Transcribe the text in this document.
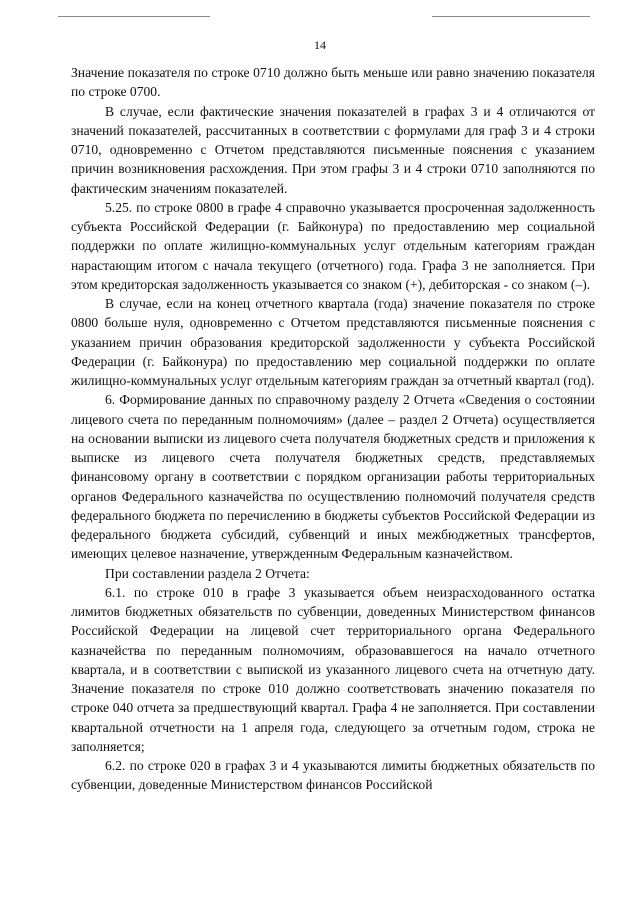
14

Значение показателя по строке 0710 должно быть меньше или равно значению показателя по строке 0700.

В случае, если фактические значения показателей в графах 3 и 4 отличаются от значений показателей, рассчитанных в соответствии с формулами для граф 3 и 4 строки 0710, одновременно с Отчетом представляются письменные пояснения с указанием причин возникновения расхождения. При этом графы 3 и 4 строки 0710 заполняются по фактическим значениям показателей.

5.25. по строке 0800 в графе 4 справочно указывается просроченная задолженность субъекта Российской Федерации (г. Байконура) по предоставлению мер социальной поддержки по оплате жилищно-коммунальных услуг отдельным категориям граждан нарастающим итогом с начала текущего (отчетного) года. Графа 3 не заполняется. При этом кредиторская задолженность указывается со знаком (+), дебиторская - со знаком (–).

В случае, если на конец отчетного квартала (года) значение показателя по строке 0800 больше нуля, одновременно с Отчетом представляются письменные пояснения с указанием причин образования кредиторской задолженности у субъекта Российской Федерации (г. Байконура) по предоставлению мер социальной поддержки по оплате жилищно-коммунальных услуг отдельным категориям граждан за отчетный квартал (год).

6. Формирование данных по справочному разделу 2 Отчета «Сведения о состоянии лицевого счета по переданным полномочиям» (далее – раздел 2 Отчета) осуществляется на основании выписки из лицевого счета получателя бюджетных средств и приложения к выписке из лицевого счета получателя бюджетных средств, представляемых финансовому органу в соответствии с порядком организации работы территориальных органов Федерального казначейства по осуществлению полномочий получателя средств федерального бюджета по перечислению в бюджеты субъектов Российской Федерации из федерального бюджета субсидий, субвенций и иных межбюджетных трансфертов, имеющих целевое назначение, утвержденным Федеральным казначейством.

При составлении раздела 2 Отчета:

6.1. по строке 010 в графе 3 указывается объем неизрасходованного остатка лимитов бюджетных обязательств по субвенции, доведенных Министерством финансов Российской Федерации на лицевой счет территориального органа Федерального казначейства по переданным полномочиям, образовавшегося на начало отчетного квартала, и в соответствии с выпиской из указанного лицевого счета на отчетную дату. Значение показателя по строке 010 должно соответствовать значению показателя по строке 040 отчета за предшествующий квартал. Графа 4 не заполняется. При составлении квартальной отчетности на 1 апреля года, следующего за отчетным годом, строка не заполняется;

6.2. по строке 020 в графах 3 и 4 указываются лимиты бюджетных обязательств по субвенции, доведенные Министерством финансов Российской
